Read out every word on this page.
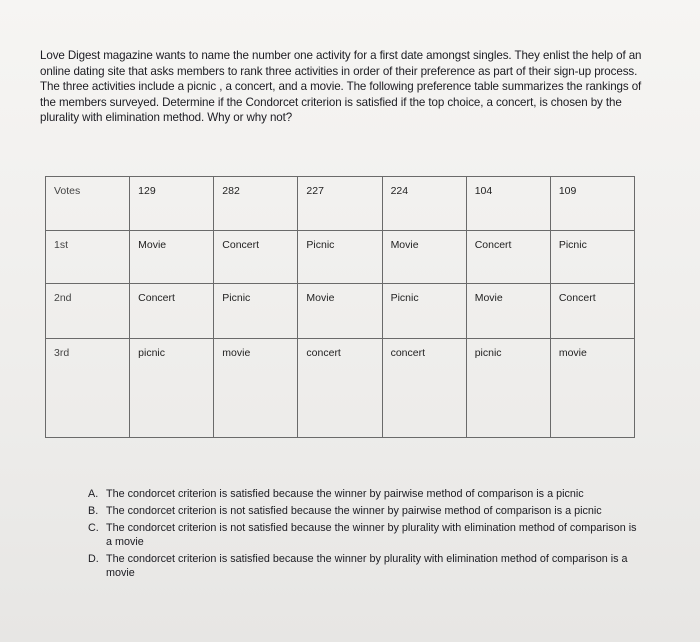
Love Digest magazine wants to name the number one activity for a first date amongst singles. They enlist the help of an online dating site that asks members to rank three activities in order of their preference as part of their sign-up process. The three activities include a picnic , a concert, and a movie. The following preference table summarizes the rankings of the members surveyed. Determine if the Condorcet criterion is satisfied if the top choice, a concert, is chosen by the plurality with elimination method. Why or why not?

Votes	129	282	227	224	104	109
1st	Movie	Concert	Picnic	Movie	Concert	Picnic
2nd	Concert	Picnic	Movie	Picnic	Movie	Concert
3rd	picnic	movie	concert	concert	picnic	movie
A. The condorcet criterion is satisfied because the winner by pairwise method of comparison is a picnic
B. The condorcet criterion is not satisfied because the winner by pairwise method of comparison is a picnic
C. The condorcet criterion is not satisfied because the winner by plurality with elimination method of comparison is a movie
D. The condorcet criterion is satisfied because the winner by plurality with elimination method of comparison is a movie
